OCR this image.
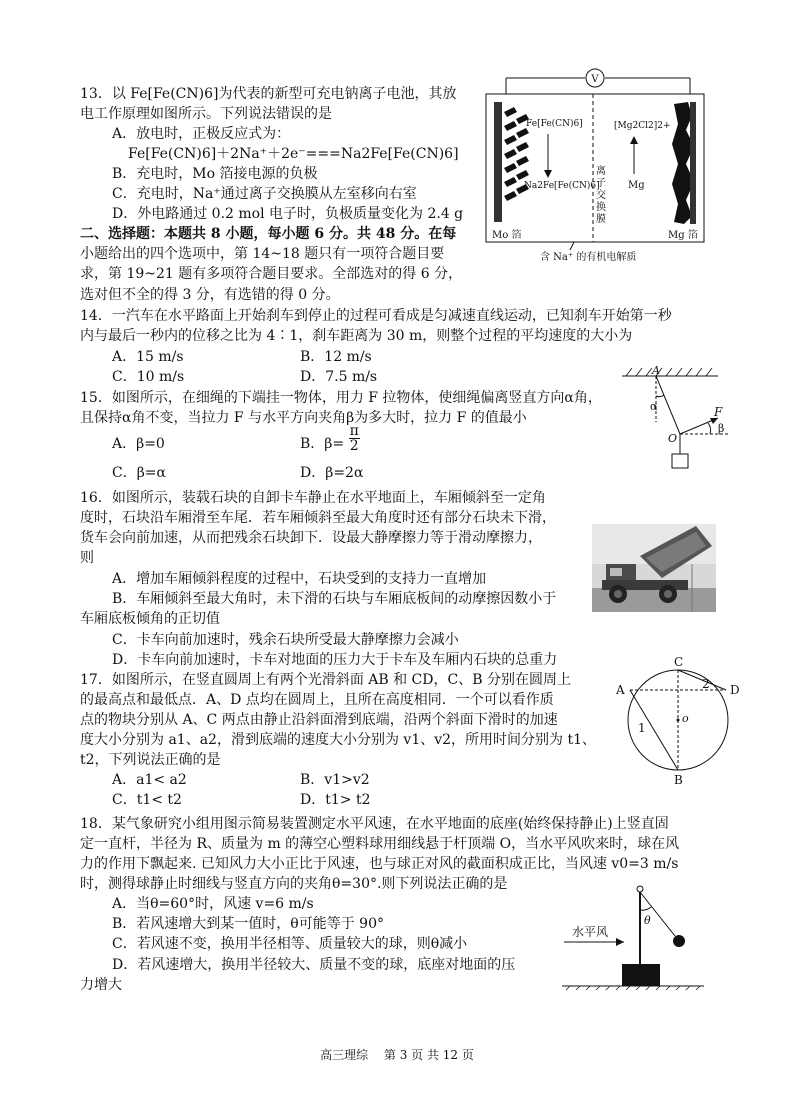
13．以 Fe[Fe(CN)6]为代表的新型可充电钠离子电池，其放
电工作原理如图所示。下列说法错误的是
A．放电时，正极反应式为：
Fe[Fe(CN)6]＋2Na⁺＋2e⁻===Na2Fe[Fe(CN)6]
B．充电时，Mo 箔接电源的负极
C．充电时，Na⁺通过离子交换膜从左室移向右室
D．外电路通过 0.2 mol 电子时，负极质量变化为 2.4 g
V
Fe[Fe(CN)6]
Na2Fe[Fe(CN)6]
离
子
交
换
膜
[Mg2Cl2]2+
Mg
Mo 箔	Mg 箔
含 Na⁺ 的有机电解质
二、选择题：本题共 8 小题，每小题 6 分。共 48 分。在每
小题给出的四个选项中，第 14~18 题只有一项符合题目要
求，第 19~21 题有多项符合题目要求。全部选对的得 6 分，
选对但不全的得 3 分，有选错的得 0 分。
14．一汽车在水平路面上开始刹车到停止的过程可看成是匀减速直线运动，已知刹车开始第一秒
内与最后一秒内的位移之比为 4∶1，刹车距离为 30 m，则整个过程的平均速度的大小为
A．15 m/s	B．12 m/s
C．10 m/s	D．7.5 m/s
15．如图所示，在细绳的下端挂一物体，用力 F 拉物体，使细绳偏离竖直方向α角，
且保持α角不变，当拉力 F 与水平方向夹角β为多大时，拉力 F 的值最小
A．β=0	B．$\beta= \frac{\pi}{2}$
C．β=α	D．β=2α
A
α	F
β
O
16．如图所示，装载石块的自卸卡车静止在水平地面上，车厢倾斜至一定角
度时，石块沿车厢滑至车尾．若车厢倾斜至最大角度时还有部分石块未下滑，
货车会向前加速，从而把残余石块卸下．设最大静摩擦力等于滑动摩擦力，
则
A．增加车厢倾斜程度的过程中，石块受到的支持力一直增加
B．车厢倾斜至最大角时，未下滑的石块与车厢底板间的动摩擦因数小于
车厢底板倾角的正切值
C．卡车向前加速时，残余石块所受最大静摩擦力会减小
D．卡车向前加速时，卡车对地面的压力大于卡车及车厢内石块的总重力
17．如图所示，在竖直圆周上有两个光滑斜面 AB 和 CD，C、B 分别在圆周上
的最高点和最低点．A、D 点均在圆周上，且所在高度相同．一个可以看作质
点的物块分别从 A、C 两点由静止沿斜面滑到底端，沿两个斜面下滑时的加速
度大小分别为 a1、a2，滑到底端的速度大小分别为 v1、v2，所用时间分别为 t1、
t2，下列说法正确的是
A．a1< a2	B．v1>v2
C．t1< t2	D．t1> t2
A
C
D
B
o
1
2
18．某气象研究小组用图示简易装置测定水平风速，在水平地面的底座(始终保持静止)上竖直固
定一直杆，半径为 R、质量为 m 的薄空心塑料球用细线悬于杆顶端 O，当水平风吹来时，球在风
力的作用下飘起来. 已知风力大小正比于风速，也与球正对风的截面积成正比，当风速 v0=3 m/s
时，测得球静止时细线与竖直方向的夹角θ=30°.则下列说法正确的是
A．当θ=60°时，风速 v=6 m/s
B．若风速增大到某一值时，θ可能等于 90°
C．若风速不变，换用半径相等、质量较大的球，则θ减小
D．若风速增大，换用半径较大、质量不变的球，底座对地面的压
力增大
θ
水平风
高三理综　 第 3 页 共 12 页
